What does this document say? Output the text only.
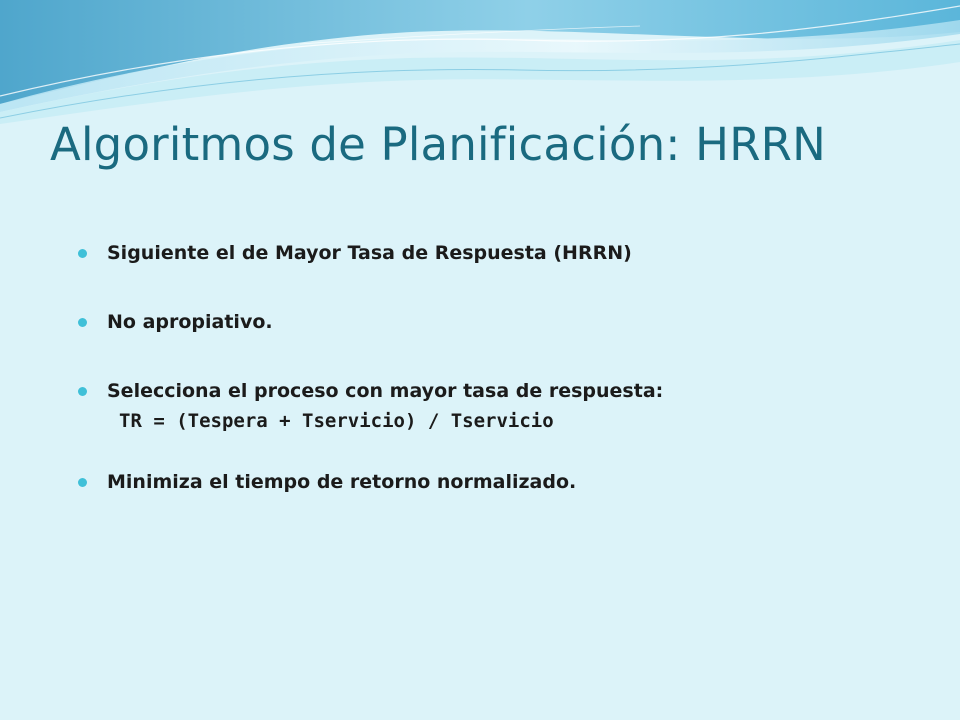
Algoritmos de Planificación: HRRN
Siguiente el de Mayor Tasa de Respuesta (HRRN)
No apropiativo.
Selecciona el proceso con mayor tasa de respuesta:
TR = (Tespera + Tservicio) / Tservicio
Minimiza el tiempo de retorno normalizado.
